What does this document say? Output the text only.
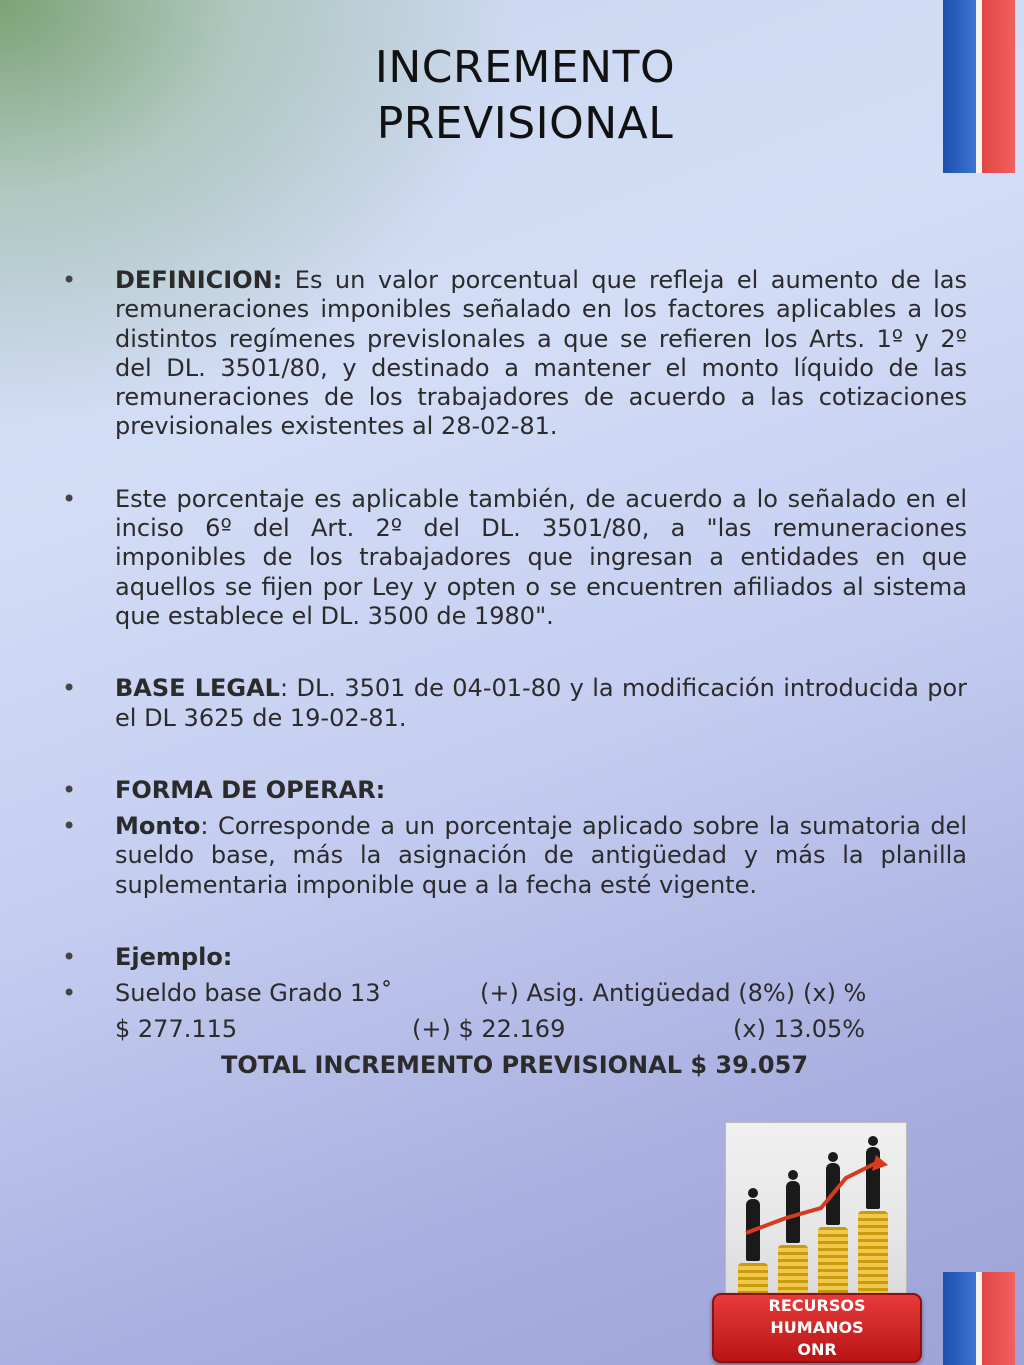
INCREMENTO
PREVISIONAL
• DEFINICION: Es un valor porcentual que refleja el aumento de las remuneraciones imponibles señalado en los factores aplicables a los distintos regímenes previsIonales a que se refieren los Arts. 1º y 2º del DL. 3501/80, y destinado a mantener el monto líquido de las remuneraciones de los trabajadores de acuerdo a las cotizaciones previsionales existentes al 28-02-81.
• Este porcentaje es aplicable también, de acuerdo a lo señalado en el inciso 6º del Art. 2º del DL. 3501/80, a "las remuneraciones imponibles de los trabajadores que ingresan a entidades en que aquellos se fijen por Ley y opten o se encuentren afiliados al sistema que establece el DL. 3500 de 1980".
• BASE LEGAL: DL. 3501 de 04-01-80 y la modificación introducida por el DL 3625 de 19-02-81.
• FORMA DE OPERAR:
• Monto: Corresponde a un porcentaje aplicado sobre la sumatoria del sueldo base, más la asignación de antigüedad y más la planilla suplementaria imponible que a la fecha esté vigente.
• Ejemplo:
• Sueldo base Grado 13˚	(+) Asig. Antigüedad (8%) (x) %
$ 277.115	(+) $ 22.169	(x) 13.05%
TOTAL INCREMENTO PREVISIONAL $ 39.057
RECURSOS
HUMANOS
ONR
